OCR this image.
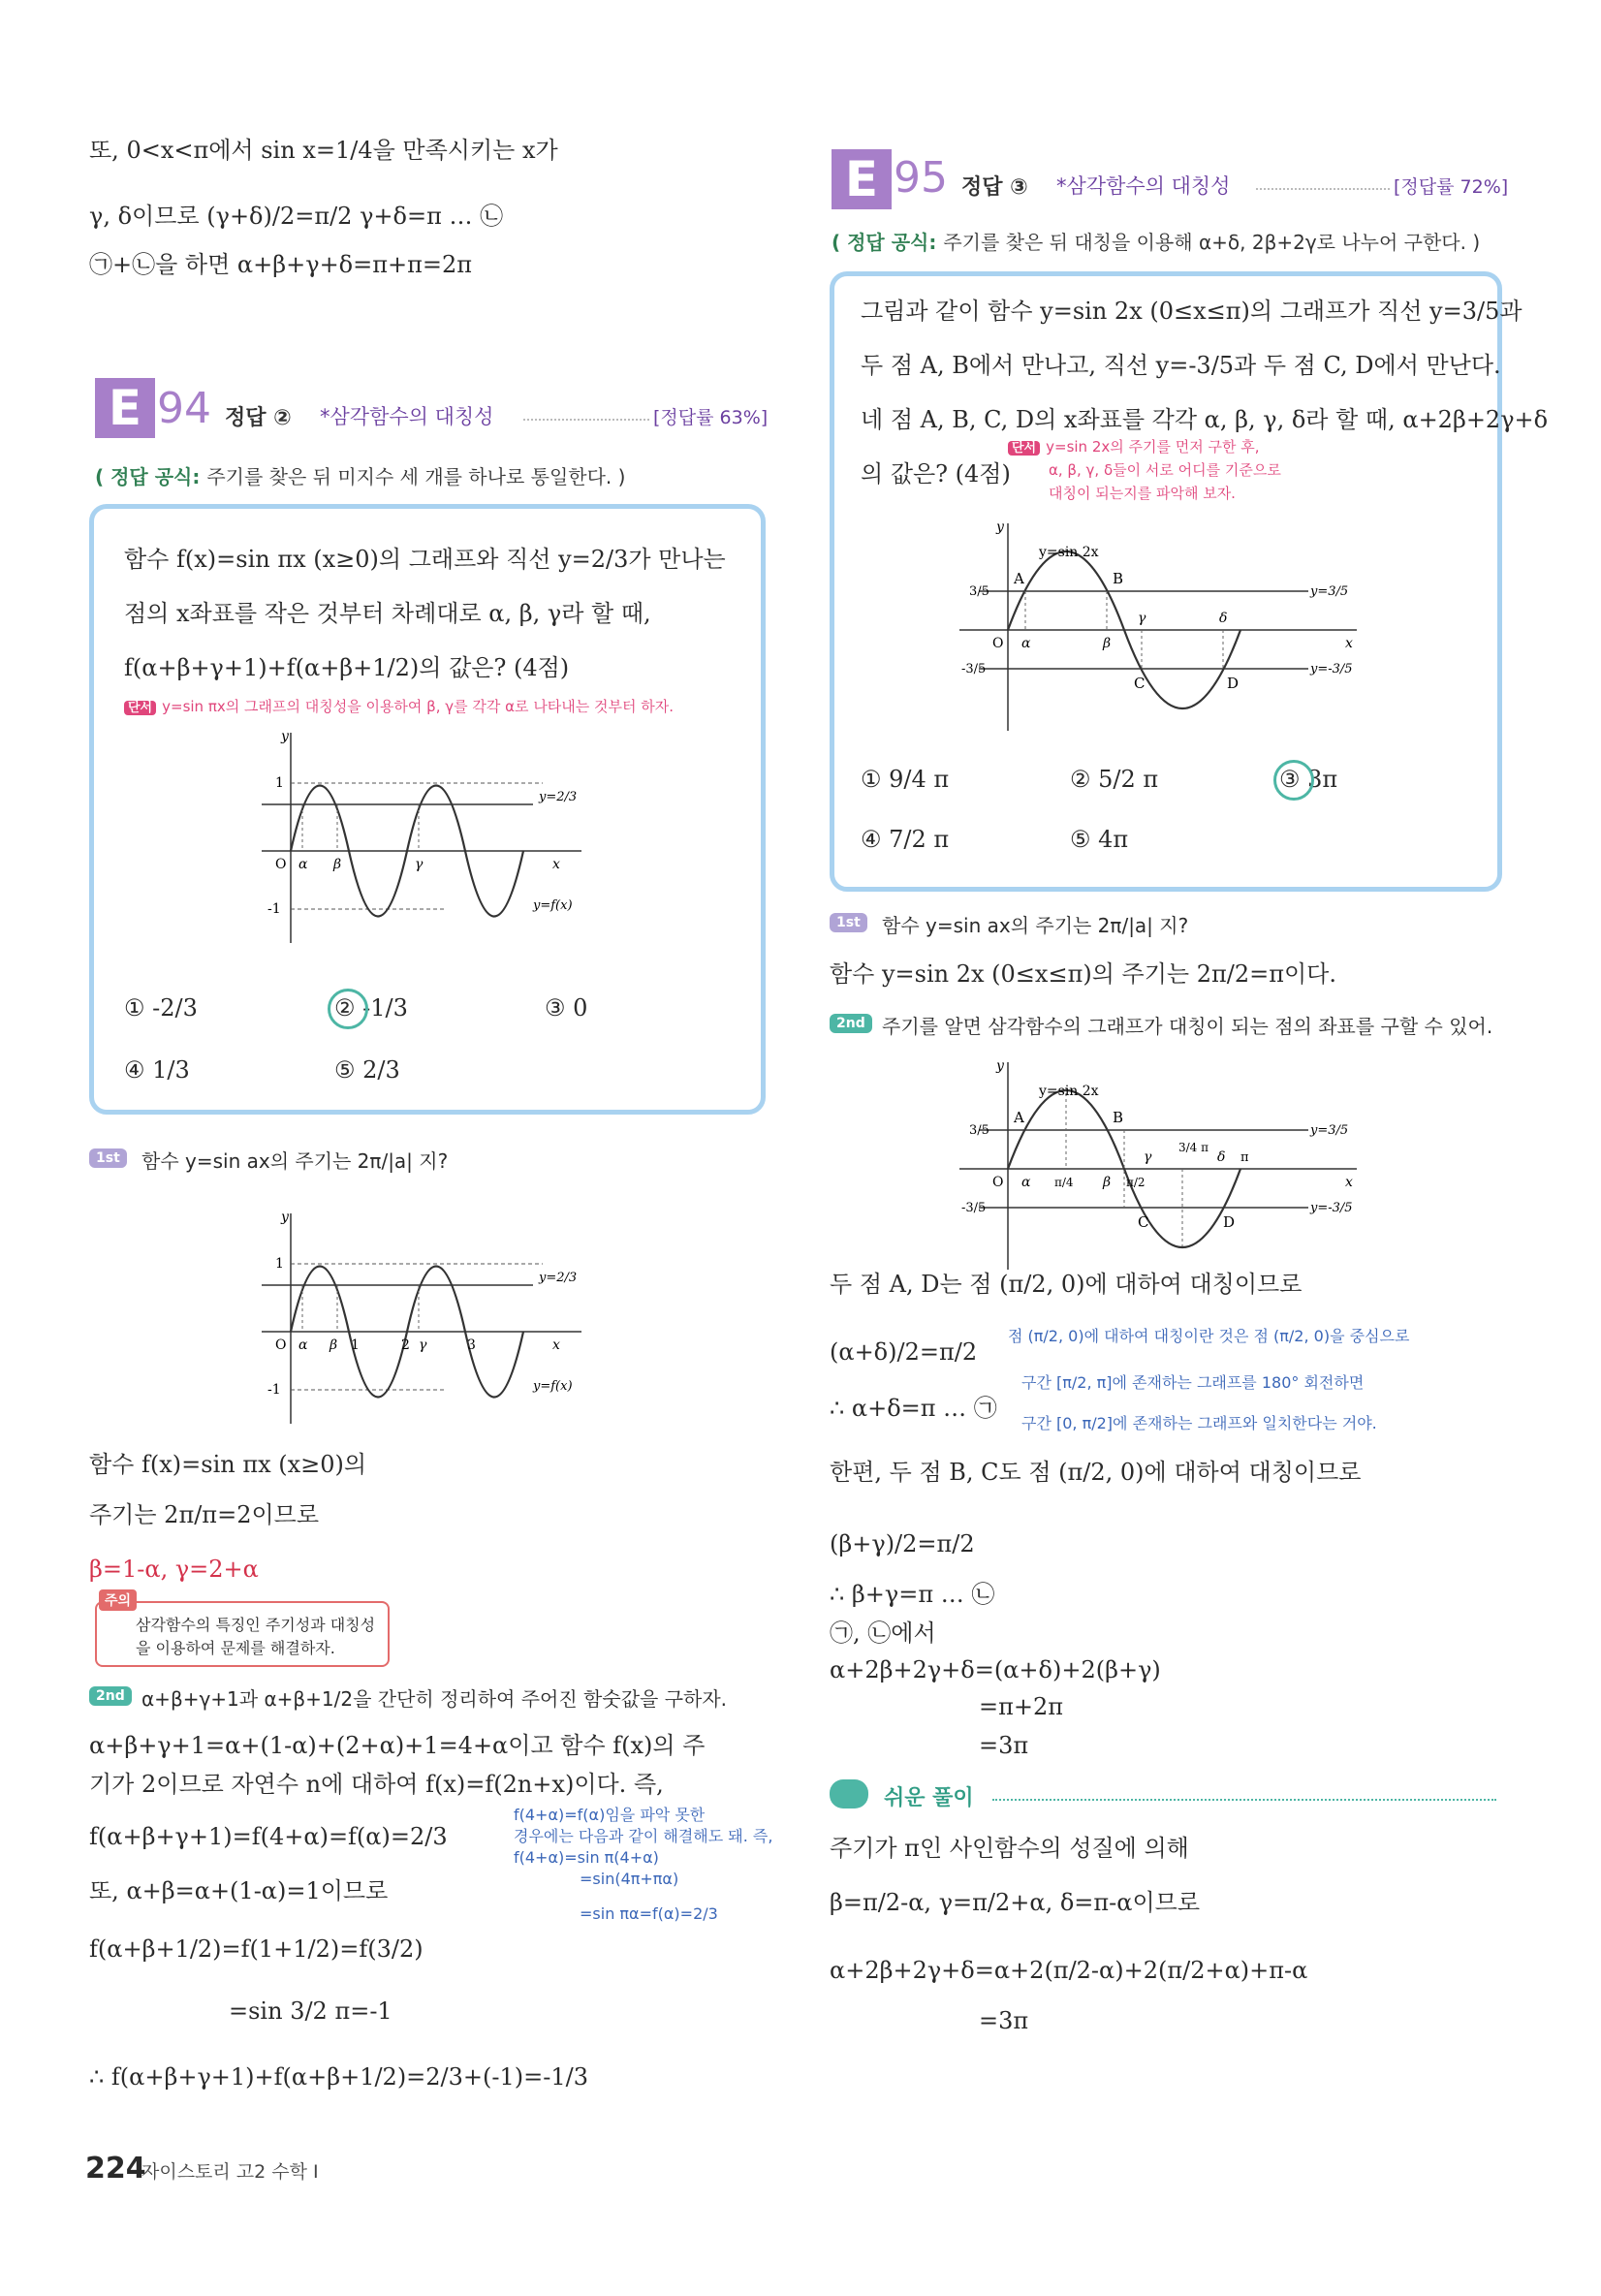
또, 0<x<π에서 sin x=1/4을 만족시키는 x가
γ, δ이므로 (γ+δ)/2=π/2 γ+δ=π … ㉡
㉠+㉡을 하면 α+β+γ+δ=π+π=2π
E 94 정답 ② *삼각함수의 대칭성	[정답률 63%]
( 정답 공식: 주기를 찾은 뒤 미지수 세 개를 하나로 통일한다. )
함수 f(x)=sin πx (x≥0)의 그래프와 직선 y=2/3가 만나는
점의 x좌표를 작은 것부터 차례대로 α, β, γ라 할 때,
f(α+β+γ+1)+f(α+β+1/2)의 값은? (4점)
단서 y=sin πx의 그래프의 대칭성을 이용하여 β, γ를 각각 α로 나타내는 것부터 하자.
y
1
O α β	γ	x
-1
y=2/3
y=f(x)
① -2/3	② -1/3	③ 0
④ 1/3	⑤ 2/3
1st	함수 y=sin ax의 주기는 2π/|a| 지?
y
1
O α β 1	2 γ	3	x
-1
y=2/3
y=f(x)
함수 f(x)=sin πx (x≥0)의
주기는 2π/π=2이므로
β=1-α, γ=2+α
주의
삼각함수의 특징인 주기성과 대칭성
을 이용하여 문제를 해결하자.
2nd α+β+γ+1과 α+β+1/2을 간단히 정리하여 주어진 함숫값을 구하자.
α+β+γ+1=α+(1-α)+(2+α)+1=4+α이고 함수 f(x)의 주
기가 2이므로 자연수 n에 대하여 f(x)=f(2n+x)이다. 즉,
f(α+β+γ+1)=f(4+α)=f(α)=2/3
또, α+β=α+(1-α)=1이므로
f(α+β+1/2)=f(1+1/2)=f(3/2)
=sin 3/2 π=-1
∴ f(α+β+γ+1)+f(α+β+1/2)=2/3+(-1)=-1/3
f(4+α)=f(α)임을 파악 못한
경우에는 다음과 같이 해결해도 돼. 즉,
f(4+α)=sin π(4+α)
=sin(4π+πα)
=sin πα=f(α)=2/3
E 95 정답 ③ *삼각함수의 대칭성	[정답률 72%]
( 정답 공식: 주기를 찾은 뒤 대칭을 이용해 α+δ, 2β+2γ로 나누어 구한다. )
그림과 같이 함수 y=sin 2x (0≤x≤π)의 그래프가 직선 y=3/5과
두 점 A, B에서 만나고, 직선 y=-3/5과 두 점 C, D에서 만난다.
네 점 A, B, C, D의 x좌표를 각각 α, β, γ, δ라 할 때, α+2β+2γ+δ
의 값은? (4점)
단서 y=sin 2x의 주기를 먼저 구한 후,
α, β, γ, δ들이 서로 어디를 기준으로
대칭이 되는지를 파악해 보자.
y
y=sin 2x
3/5
A	B
y=3/5
O α	β
γ	δ
x
-3/5
C	D
y=-3/5
① 9/4 π	② 5/2 π	③ 3π
④ 7/2 π	⑤ 4π
1st	함수 y=sin ax의 주기는 2π/|a| 지?
함수 y=sin 2x (0≤x≤π)의 주기는 2π/2=π이다.
2nd 주기를 알면 삼각함수의 그래프가 대칭이 되는 점의 좌표를 구할 수 있어.
y
y=sin 2x
3/5
A	B
3/4 π
y=3/5
O α π/4 β π/2
γ	δ π
x
-3/5
C	D
y=-3/5
두 점 A, D는 점 (π/2, 0)에 대하여 대칭이므로
(α+δ)/2=π/2
∴ α+δ=π … ㉠
점 (π/2, 0)에 대하여 대칭이란 것은 점 (π/2, 0)을 중심으로
구간 [π/2, π]에 존재하는 그래프를 180° 회전하면
구간 [0, π/2]에 존재하는 그래프와 일치한다는 거야.
한편, 두 점 B, C도 점 (π/2, 0)에 대하여 대칭이므로
(β+γ)/2=π/2
∴ β+γ=π … ㉡
㉠, ㉡에서
α+2β+2γ+δ=(α+δ)+2(β+γ)
=π+2π
=3π
쉬운 풀이
주기가 π인 사인함수의 성질에 의해
β=π/2-α, γ=π/2+α, δ=π-α이므로
α+2β+2γ+δ=α+2(π/2-α)+2(π/2+α)+π-α
=3π
224
자이스토리 고2 수학 I
